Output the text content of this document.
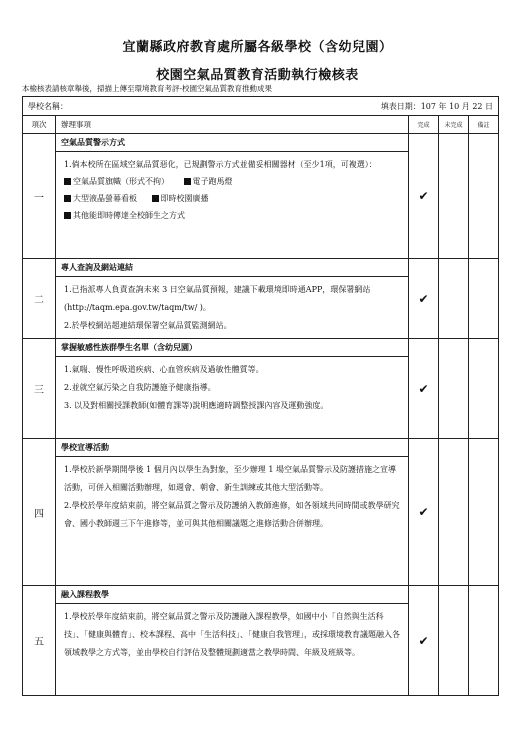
宜蘭縣政府教育處所屬各級學校（含幼兒園）
校園空氣品質教育活動執行檢核表
本檢核表請核章舉後，掃描上傳至環境教育考評-校園空氣品質教育推動成果
學校名稱： 填表日期：107 年 10 月 22 日				

項次	辦理事項	完成	未完成	備註
一	空氣品質警示方式

1.倘本校所在區域空氣品質惡化，已規劃警示方式並備妥相關器材（至少1項，可複選）：

空氣品質旗幟（形式不拘） 電子跑馬燈

大型液晶螢幕看板 即時校園廣播

其他能即時傳達全校師生之方式	✔		
二	專人查詢及網站連結

1.已指派專人負責查詢未來 3 日空氣品質預報，建議下載環境即時通APP，環保署網站(http://taqm.epa.gov.tw/taqm/tw/ )。

2.於學校網站超連結環保署空氣品質監測網站。	✔		
三	掌握敏感性族群學生名單（含幼兒園）

1.氣喘、慢性呼吸道疾病、心血管疾病及過敏性體質等。

2.並就空氣污染之自我防護施予健康指導。

3. 以及對相關授課教師(如體育課等)說明應適時調整授課內容及運動強度。	✔		
四	學校宣導活動

1.學校於新學期開學後 1 個月內以學生為對象，至少辦理 1 場空氣品質警示及防護措施之宣導活動，可併入相關活動辦理，如週會、朝會、新生訓練或其他大型活動等。

2.學校於學年度結束前，將空氣品質之警示及防護納入教師進修，如各領域共同時間或教學研究會、國小教師週三下午進修等，並可與其他相關議題之進修活動合併辦理。	✔		
五	融入課程教學

1.學校於學年度結束前，將空氣品質之警示及防護融入課程教學，如國中小「自然與生活科技」、「健康與體育」、校本課程、高中「生活科技」、「健康自我管理」，或採環境教育議題融入各領域教學之方式等，並由學校自行評估及整體規劃適當之教學時間、年級及班級等。	✔		
